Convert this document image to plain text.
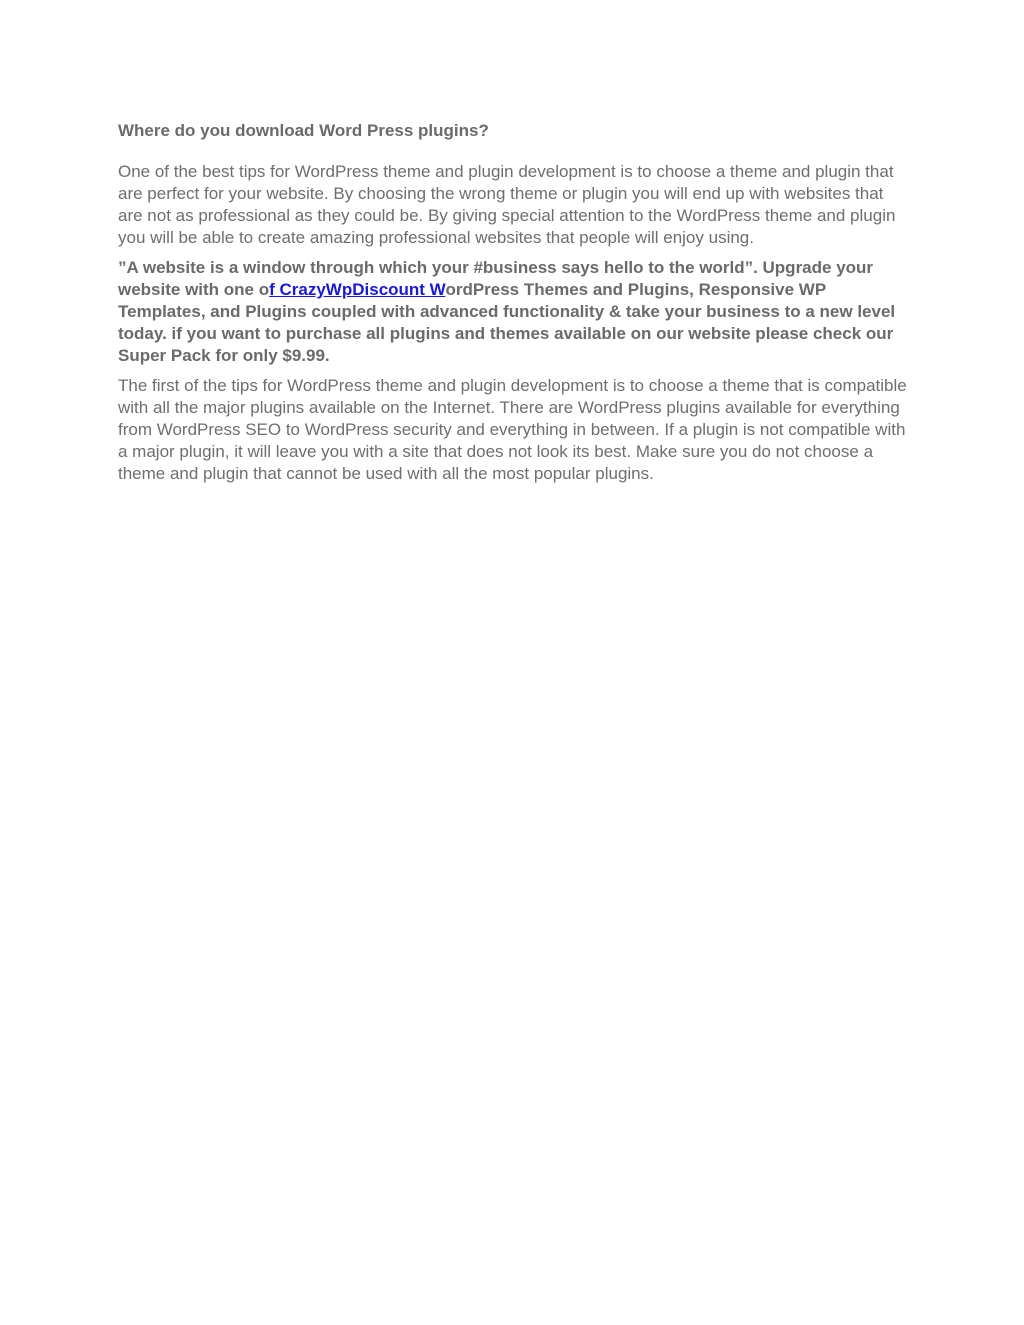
Where do you download Word Press plugins?

One of the best tips for WordPress theme and plugin development is to choose a theme and plugin that are perfect for your website. By choosing the wrong theme or plugin you will end up with websites that are not as professional as they could be. By giving special attention to the WordPress theme and plugin you will be able to create amazing professional websites that people will enjoy using.

”A website is a window through which your #business says hello to the world”. Upgrade your website with one of CrazyWpDiscount WordPress Themes and Plugins, Responsive WP Templates, and Plugins coupled with advanced functionality & take your business to a new level today. if you want to purchase all plugins and themes available on our website please check our Super Pack for only $9.99.

The first of the tips for WordPress theme and plugin development is to choose a theme that is compatible with all the major plugins available on the Internet. There are WordPress plugins available for everything from WordPress SEO to WordPress security and everything in between. If a plugin is not compatible with a major plugin, it will leave you with a site that does not look its best. Make sure you do not choose a theme and plugin that cannot be used with all the most popular plugins.
